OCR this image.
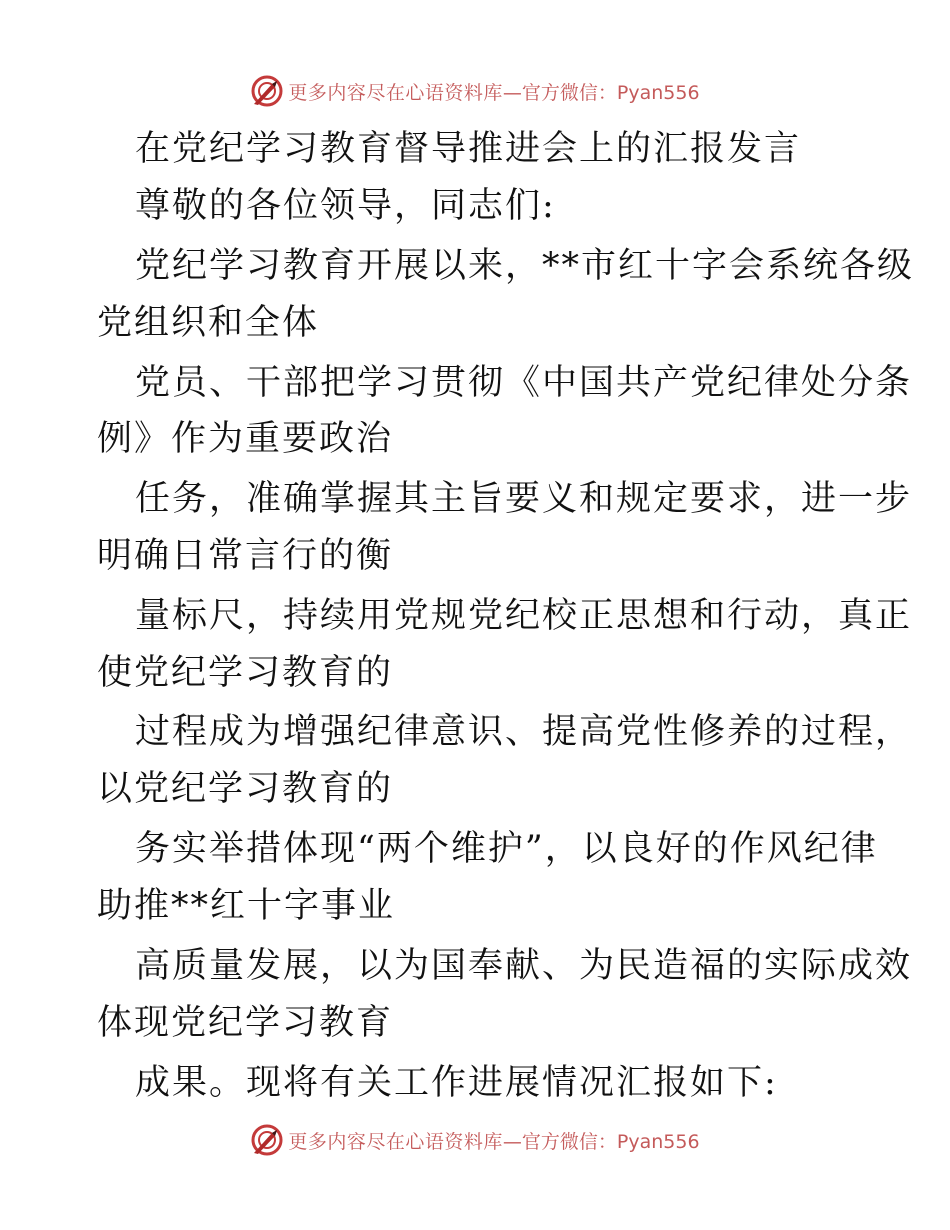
更多内容尽在心语资料库 —官方微信：Pyan556
在党纪学习教育督导推进会上的汇报发言
尊敬的各位领导，同志们:
党纪学习教育开展以来，**市红十字会系统各级
党组织和全体
党员、干部把学习贯彻《中国共产党纪律处分条
例》作为重要政治
任务，准确掌握其主旨要义和规定要求，进一步
明确日常言行的衡
量标尺，持续用党规党纪校正思想和行动，真正
使党纪学习教育的
过程成为增强纪律意识、提高党性修养的过程，
以党纪学习教育的
务实举措体现“两个维护”，以良好的作风纪律
助推**红十字事业
高质量发展，以为国奉献、为民造福的实际成效
体现党纪学习教育
成果。现将有关工作进展情况汇报如下:
更多内容尽在心语资料库 —官方微信：Pyan556
